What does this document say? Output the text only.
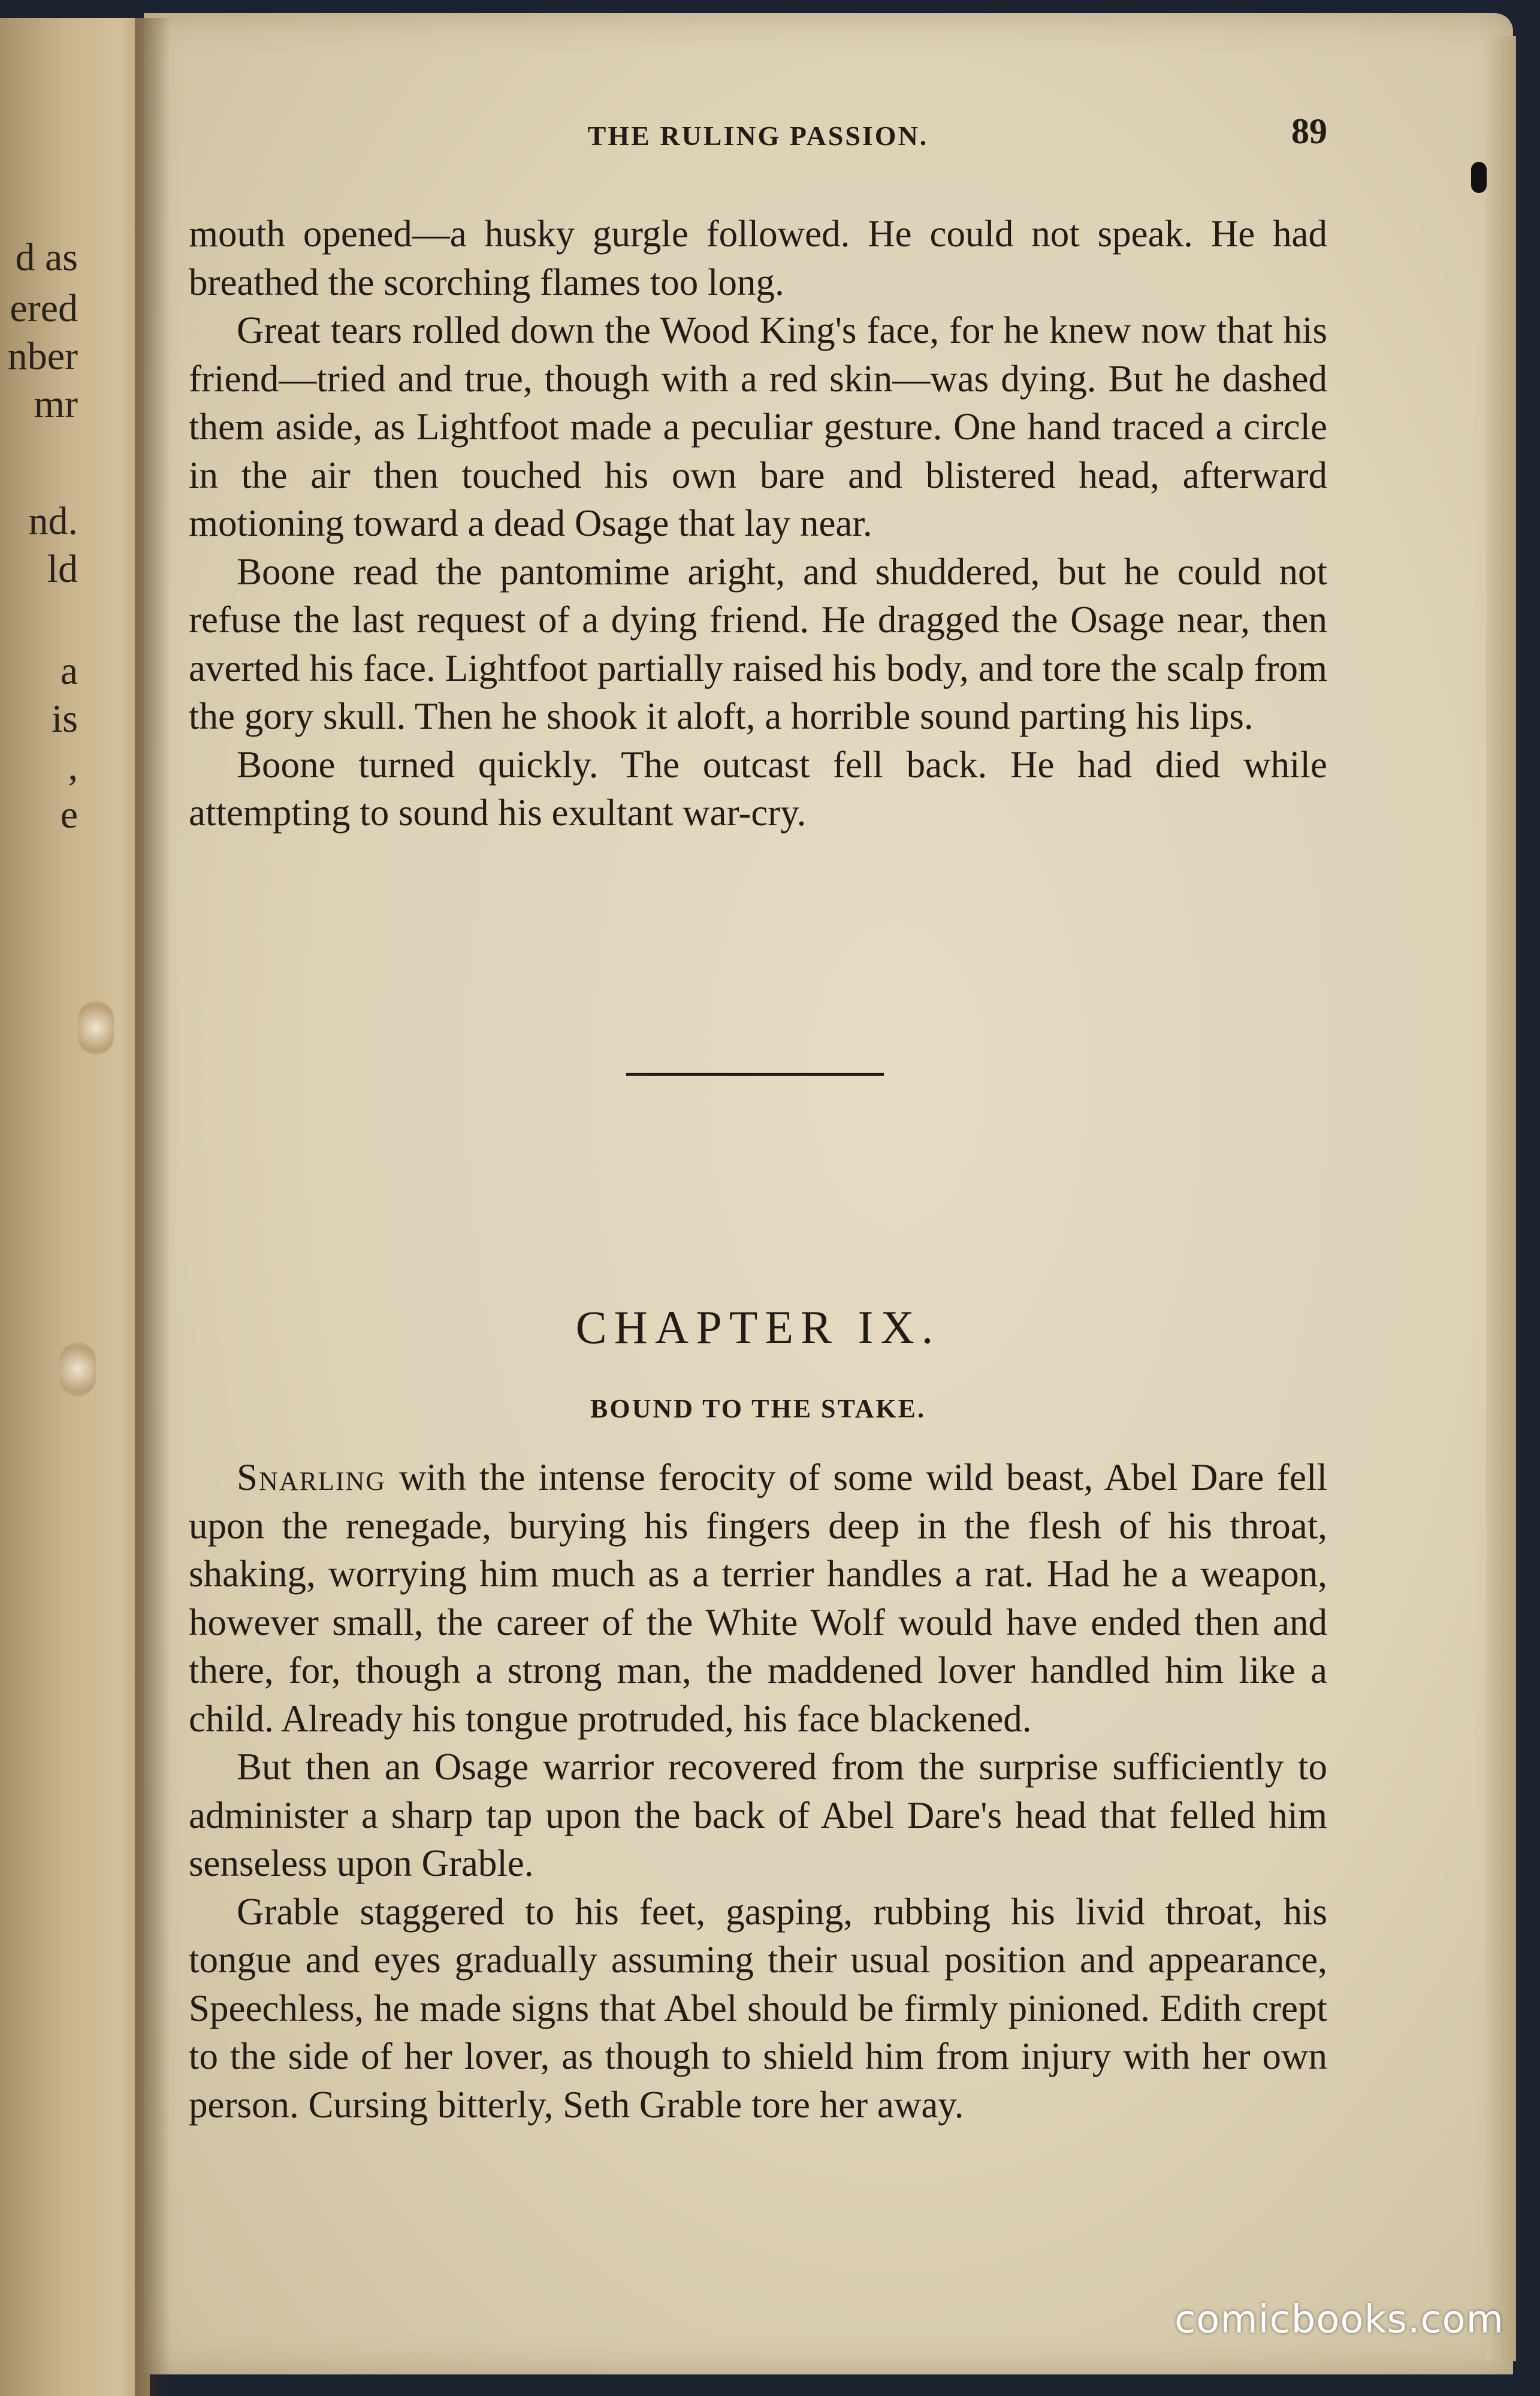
d as
ered
nber
mr
nd.
ld
a
is
,
e
THE RULING PASSION.	89

mouth opened—a husky gurgle followed. He could not speak. He had breathed the scorching flames too long.

Great tears rolled down the Wood King's face, for he knew now that his friend—tried and true, though with a red skin—was dying. But he dashed them aside, as Lightfoot made a peculiar gesture. One hand traced a circle in the air then touched his own bare and blistered head, afterward motioning toward a dead Osage that lay near.

Boone read the pantomime aright, and shuddered, but he could not refuse the last request of a dying friend. He dragged the Osage near, then averted his face. Lightfoot partially raised his body, and tore the scalp from the gory skull. Then he shook it aloft, a horrible sound parting his lips.

Boone turned quickly. The outcast fell back. He had died while attempting to sound his exultant war-cry.

CHAPTER IX.
BOUND TO THE STAKE.

Snarling with the intense ferocity of some wild beast, Abel Dare fell upon the renegade, burying his fingers deep in the flesh of his throat, shaking, worrying him much as a terrier handles a rat. Had he a weapon, however small, the career of the White Wolf would have ended then and there, for, though a strong man, the maddened lover handled him like a child. Already his tongue protruded, his face blackened.

But then an Osage warrior recovered from the surprise sufficiently to administer a sharp tap upon the back of Abel Dare's head that felled him senseless upon Grable.

Grable staggered to his feet, gasping, rubbing his livid throat, his tongue and eyes gradually assuming their usual position and appearance, Speechless, he made signs that Abel should be firmly pinioned. Edith crept to the side of her lover, as though to shield him from injury with her own person. Cursing bitterly, Seth Grable tore her away.

comicbooks.com
